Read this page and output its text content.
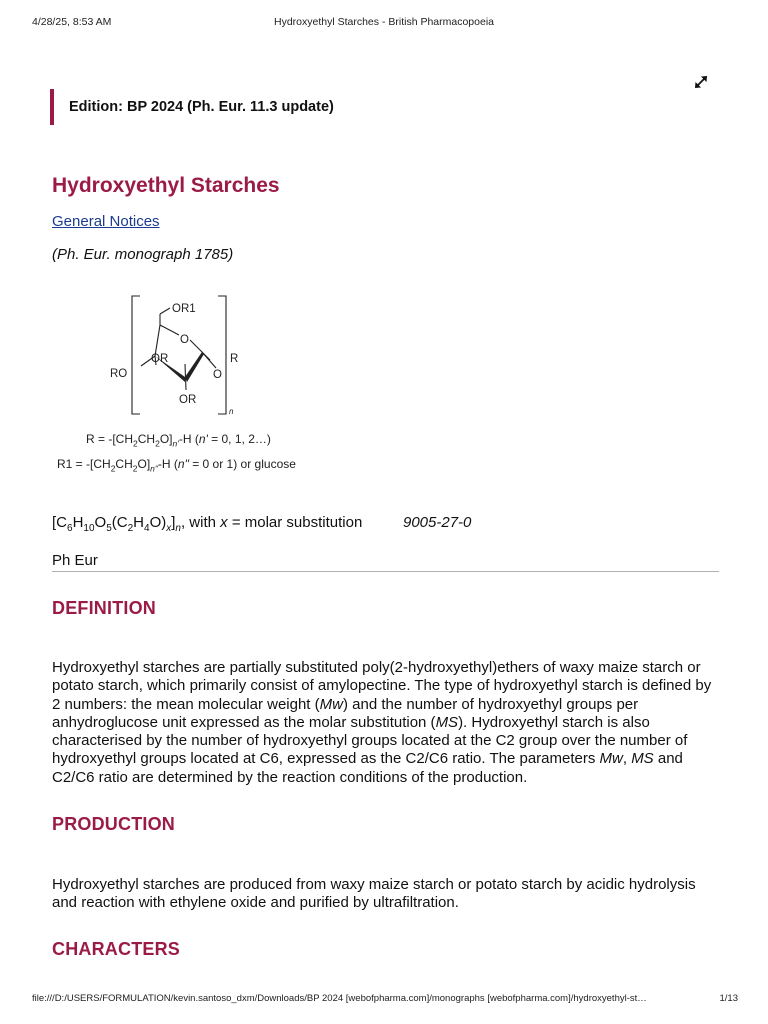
4/28/25, 8:53 AM	Hydroxyethyl Starches - British Pharmacopoeia
Edition: BP 2024 (Ph. Eur. 11.3 update)
Hydroxyethyl Starches
General Notices
(Ph. Eur. monograph 1785)
OR1
O
OR	R
RO	O
OR
n
$R = -[CH_2CH_2O]_{n'}-H$ (n' = 0, 1, 2…)
$R1 = -[CH_2CH_2O]_{n"}-H$ (n" = 0 or 1) or glucose
$[C_6H_{10}O_5(C_2H_4O)_x]_n$, with x = molar substitution	9005-27-0
Ph Eur
DEFINITION

Hydroxyethyl starches are partially substituted poly(2-hydroxyethyl)ethers of waxy maize starch or potato starch, which primarily consist of amylopectine. The type of hydroxyethyl starch is defined by 2 numbers: the mean molecular weight (Mw) and the number of hydroxyethyl groups per anhydroglucose unit expressed as the molar substitution (MS). Hydroxyethyl starch is also characterised by the number of hydroxyethyl groups located at the C2 group over the number of hydroxyethyl groups located at C6, expressed as the C2/C6 ratio. The parameters Mw, MS and C2/C6 ratio are determined by the reaction conditions of the production.

PRODUCTION

Hydroxyethyl starches are produced from waxy maize starch or potato starch by acidic hydrolysis and reaction with ethylene oxide and purified by ultrafiltration.

CHARACTERS
file:///D:/USERS/FORMULATION/kevin.santoso_dxm/Downloads/BP 2024 [webofpharma.com]/monographs [webofpharma.com]/hydroxyethyl-st…	1/13
